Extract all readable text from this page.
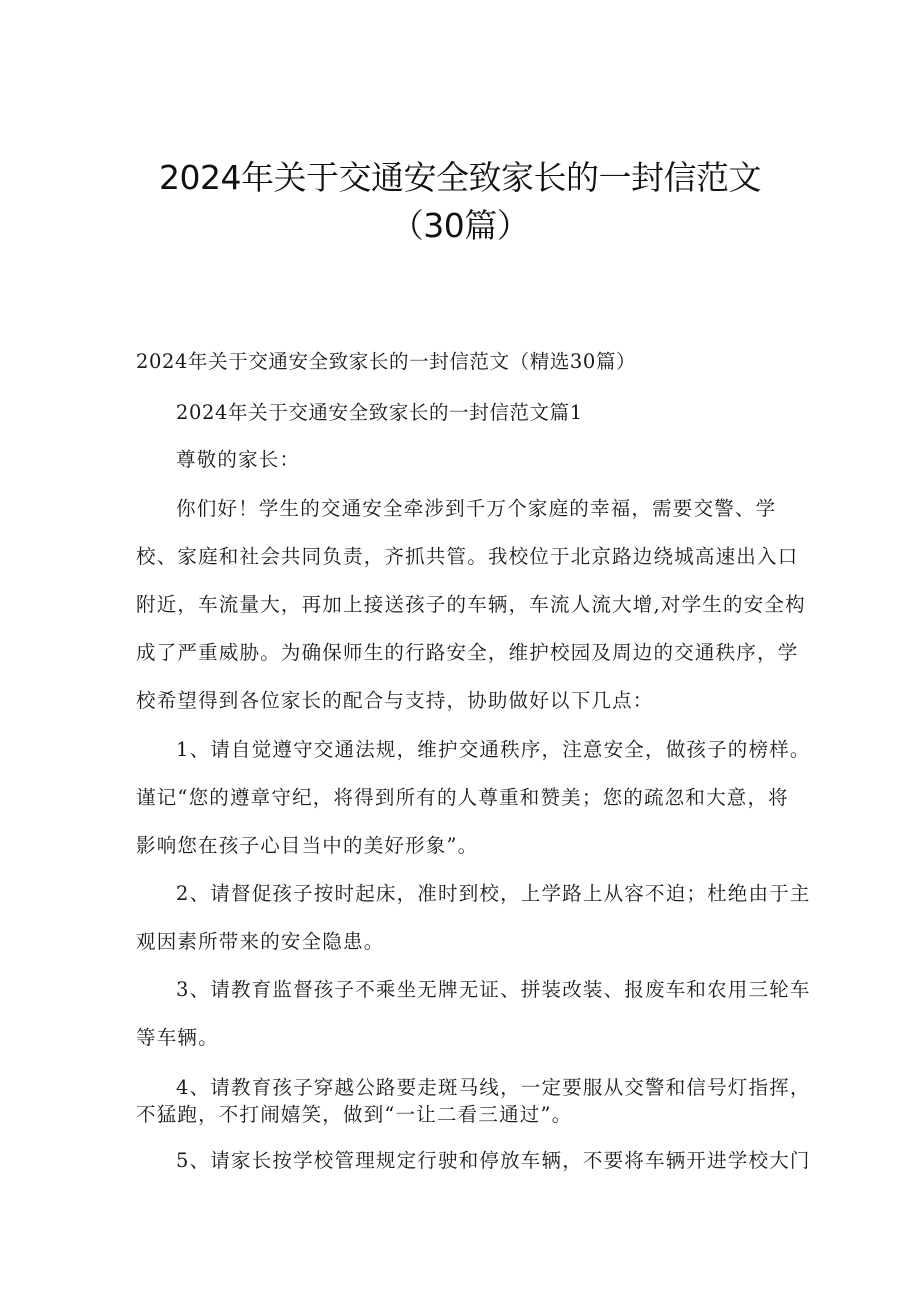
2024年关于交通安全致家长的一封信范文
（30篇）

2024年关于交通安全致家长的一封信范文（精选30篇）

2024年关于交通安全致家长的一封信范文篇1

尊敬的家长：

你们好！学生的交通安全牵涉到千万个家庭的幸福，需要交警、学

校、家庭和社会共同负责，齐抓共管。我校位于北京路边绕城高速出入口

附近，车流量大，再加上接送孩子的车辆，车流人流大增,对学生的安全构

成了严重威胁。为确保师生的行路安全，维护校园及周边的交通秩序，学

校希望得到各位家长的配合与支持，协助做好以下几点：

1、请自觉遵守交通法规，维护交通秩序，注意安全，做孩子的榜样。

谨记“您的遵章守纪，将得到所有的人尊重和赞美；您的疏忽和大意，将

影响您在孩子心目当中的美好形象”。

2、请督促孩子按时起床，准时到校，上学路上从容不迫；杜绝由于主

观因素所带来的安全隐患。

3、请教育监督孩子不乘坐无牌无证、拼装改装、报废车和农用三轮车

等车辆。

4、请教育孩子穿越公路要走斑马线，一定要服从交警和信号灯指挥，

不猛跑，不打闹嬉笑，做到“一让二看三通过”。

5、请家长按学校管理规定行驶和停放车辆，不要将车辆开进学校大门
